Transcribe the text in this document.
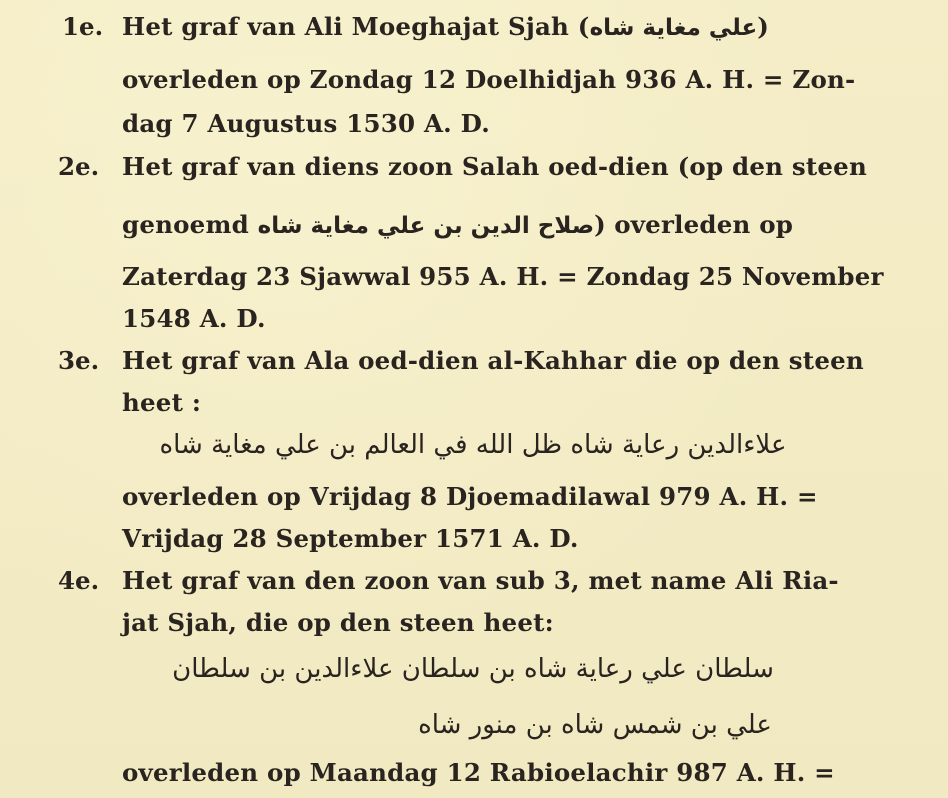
1e. Het graf van Ali Moeghajat Sjah (علي مغاية شاه)
overleden op Zondag 12 Doelhidjah 936 A. H. = Zon-
dag 7 Augustus 1530 A. D.
2e. Het graf van diens zoon Salah oed-dien (op den steen
genoemd صلاح الدين بن علي مغاية شاه) overleden op
Zaterdag 23 Sjawwal 955 A. H. = Zondag 25 November
1548 A. D.
3e. Het graf van Ala oed-dien al-Kahhar die op den steen
heet :
علاءالدين رعاية شاه ظل الله في العالم بن علي مغاية شاه
overleden op Vrijdag 8 Djoemadilawal 979 A. H. =
Vrijdag 28 September 1571 A. D.
4e. Het graf van den zoon van sub 3, met name Ali Ria-
jat Sjah, die op den steen heet:
سلطان علي رعاية شاه بن سلطان علاءالدين بن سلطان
علي بن شمس شاه بن منور شاه
overleden op Maandag 12 Rabioelachir 987 A. H. =
